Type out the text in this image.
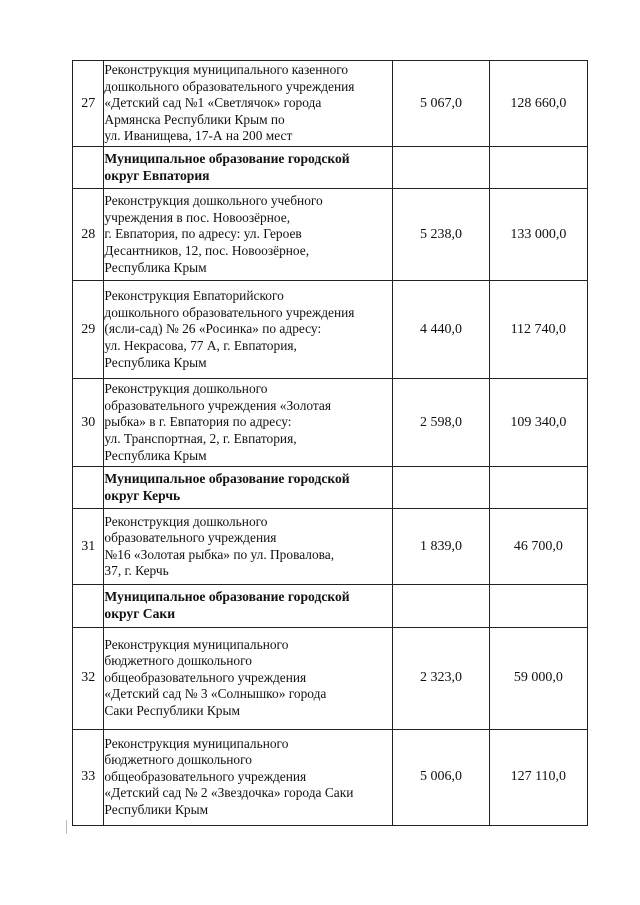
27	Реконструкция муниципального казенного
дошкольного образовательного учреждения
«Детский сад №1 «Светлячок» города
Армянска Республики Крым по
ул. Иванищева, 17-А на 200 мест	5 067,0	128 660,0
	Муниципальное образование городской
округ Евпатория		
28	Реконструкция дошкольного учебного
учреждения в пос. Новоозёрное,
г. Евпатория, по адресу: ул. Героев
Десантников, 12, пос. Новоозёрное,
Республика Крым	5 238,0	133 000,0
29	Реконструкция Евпаторийского
дошкольного образовательного учреждения
(ясли-сад) № 26 «Росинка» по адресу:
ул. Некрасова, 77 А, г. Евпатория,
Республика Крым	4 440,0	112 740,0
30	Реконструкция дошкольного
образовательного учреждения «Золотая
рыбка» в г. Евпатория по адресу:
ул. Транспортная, 2, г. Евпатория,
Республика Крым	2 598,0	109 340,0
	Муниципальное образование городской
округ Керчь		
31	Реконструкция дошкольного
образовательного учреждения
№16 «Золотая рыбка» по ул. Провалова,
37, г. Керчь	1 839,0	46 700,0
	Муниципальное образование городской
округ Саки		
32	Реконструкция муниципального
бюджетного дошкольного
общеобразовательного учреждения
«Детский сад № 3 «Солнышко» города
Саки Республики Крым	2 323,0	59 000,0
33	Реконструкция муниципального
бюджетного дошкольного
общеобразовательного учреждения
«Детский сад № 2 «Звездочка» города Саки
Республики Крым	5 006,0	127 110,0
